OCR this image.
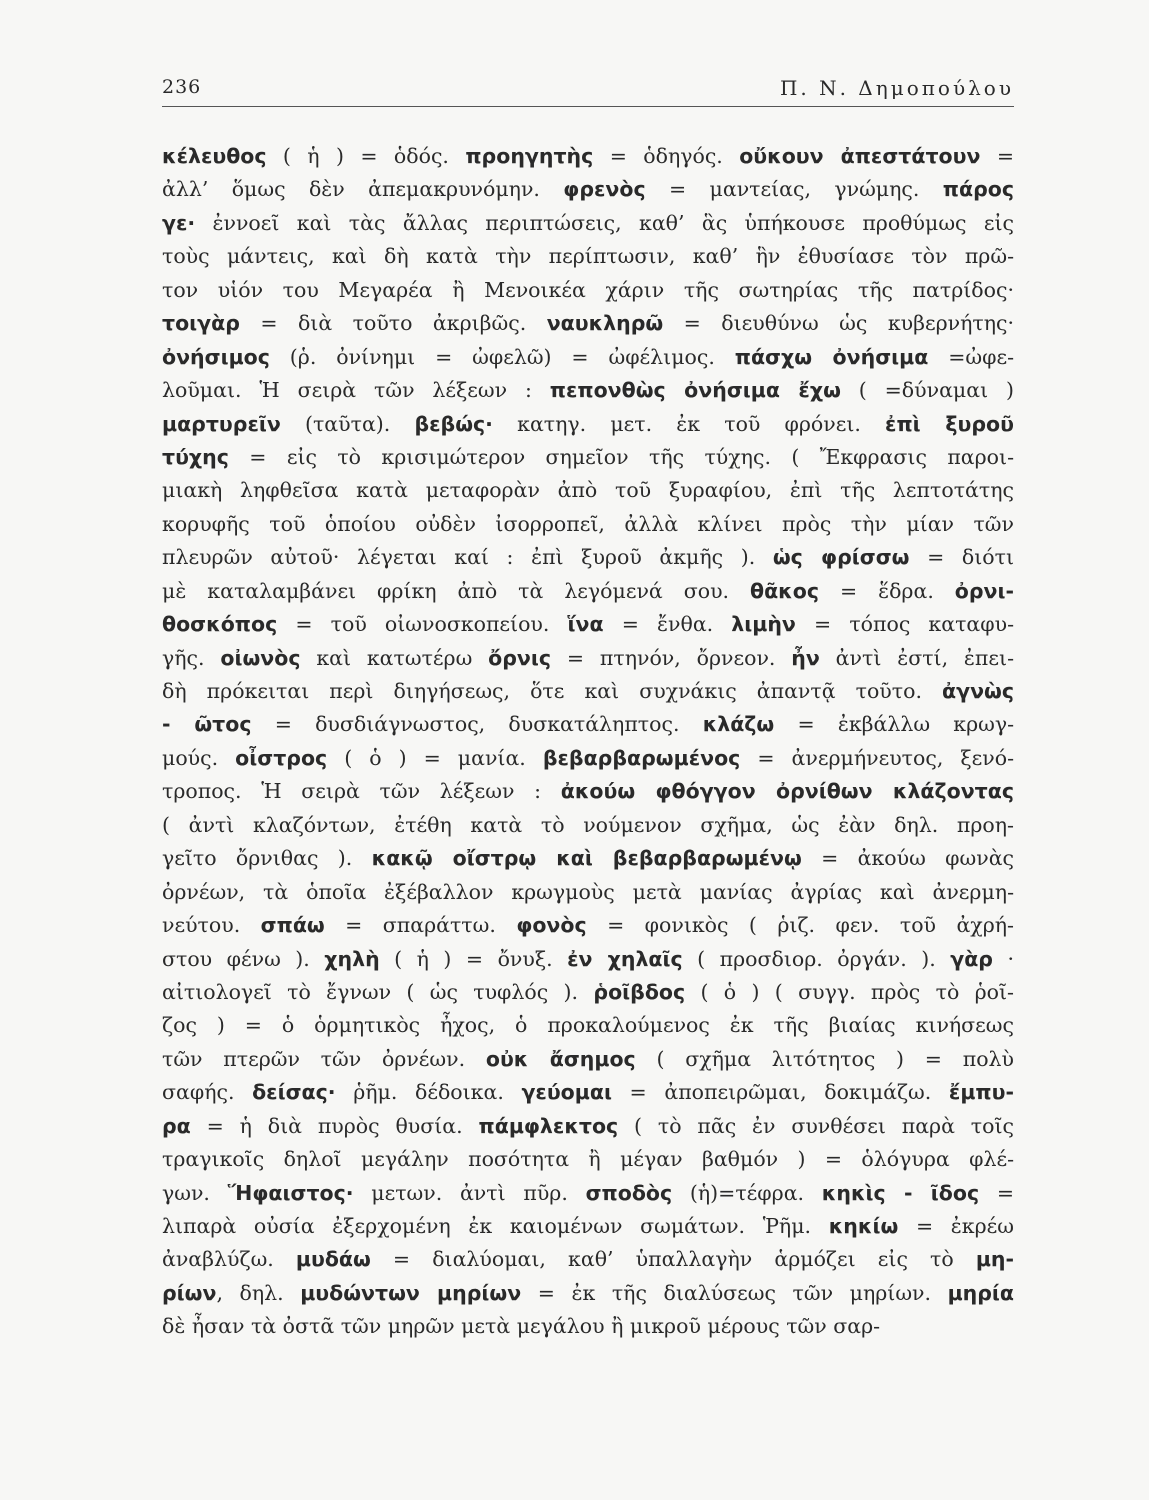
236	Π. Ν. Δημοπούλου
κέλευθος ( ἡ ) = ὁδός. προηγητὴς = ὁδηγός. οὔκουν ἀπεστάτουν =
ἀλλ’ ὅμως δὲν ἀπεμακρυνόμην. φρενὸς = μαντείας, γνώμης. πάρος
γε· ἐννοεῖ καὶ τὰς ἄλλας περιπτώσεις, καθ’ ἃς ὑπήκουσε προθύμως εἰς
τοὺς μάντεις, καὶ δὴ κατὰ τὴν περίπτωσιν, καθ’ ἣν ἐθυσίασε τὸν πρῶ-
τον υἱόν του Μεγαρέα ἢ Μενοικέα χάριν τῆς σωτηρίας τῆς πατρίδος·
τοιγὰρ = διὰ τοῦτο ἀκριβῶς. ναυκληρῶ = διευθύνω ὡς κυβερνήτης·
ὀνήσιμος (ῥ. ὀνίνημι = ὠφελῶ) = ὠφέλιμος. πάσχω ὀνήσιμα =ὠφε-
λοῦμαι. Ἡ σειρὰ τῶν λέξεων : πεπονθὼς ὀνήσιμα ἔχω ( =δύναμαι )
μαρτυρεῖν (ταῦτα). βεβώς· κατηγ. μετ. ἐκ τοῦ φρόνει. ἐπὶ ξυροῦ
τύχης = εἰς τὸ κρισιμώτερον σημεῖον τῆς τύχης. ( Ἔκφρασις παροι-
μιακὴ ληφθεῖσα κατὰ μεταφορὰν ἀπὸ τοῦ ξυραφίου, ἐπὶ τῆς λεπτοτάτης
κορυφῆς τοῦ ὁποίου οὐδὲν ἰσορροπεῖ, ἀλλὰ κλίνει πρὸς τὴν μίαν τῶν
πλευρῶν αὐτοῦ· λέγεται καί : ἐπὶ ξυροῦ ἀκμῆς ). ὡς φρίσσω = διότι
μὲ καταλαμβάνει φρίκη ἀπὸ τὰ λεγόμενά σου. θᾶκος = ἕδρα. ὀρνι-
θοσκόπος = τοῦ οἰωνοσκοπείου. ἵνα = ἔνθα. λιμὴν = τόπος καταφυ-
γῆς. οἰωνὸς καὶ κατωτέρω ὄρνις = πτηνόν, ὄρνεον. ἦν ἀντὶ ἐστί, ἐπει-
δὴ πρόκειται περὶ διηγήσεως, ὅτε καὶ συχνάκις ἀπαντᾷ τοῦτο. ἀγνὼς
- ῶτος = δυσδιάγνωστος, δυσκατάληπτος. κλάζω = ἐκβάλλω κρωγ-
μούς. οἶστρος ( ὁ ) = μανία. βεβαρβαρωμένος = ἀνερμήνευτος, ξενό-
τροπος. Ἡ σειρὰ τῶν λέξεων : ἀκούω φθόγγον ὀρνίθων κλάζοντας
( ἀντὶ κλαζόντων, ἐτέθη κατὰ τὸ νούμενον σχῆμα, ὡς ἐὰν δηλ. προη-
γεῖτο ὄρνιθας ). κακῷ οἴστρῳ καὶ βεβαρβαρωμένῳ = ἀκούω φωνὰς
ὀρνέων, τὰ ὁποῖα ἐξέβαλλον κρωγμοὺς μετὰ μανίας ἀγρίας καὶ ἀνερμη-
νεύτου. σπάω = σπαράττω. φονὸς = φονικὸς ( ῥιζ. φεν. τοῦ ἀχρή-
στου φένω ). χηλὴ ( ἡ ) = ὄνυξ. ἐν χηλαῖς ( προσδιορ. ὀργάν. ). γὰρ ·
αἰτιολογεῖ τὸ ἔγνων ( ὡς τυφλός ). ῥοῖβδος ( ὁ ) ( συγγ. πρὸς τὸ ῥοῖ-
ζος ) = ὁ ὁρμητικὸς ἦχος, ὁ προκαλούμενος ἐκ τῆς βιαίας κινήσεως
τῶν πτερῶν τῶν ὀρνέων. οὐκ ἄσημος ( σχῆμα λιτότητος ) = πολὺ
σαφής. δείσας· ῥῆμ. δέδοικα. γεύομαι = ἀποπειρῶμαι, δοκιμάζω. ἔμπυ-
ρα = ἡ διὰ πυρὸς θυσία. πάμφλεκτος ( τὸ πᾶς ἐν συνθέσει παρὰ τοῖς
τραγικοῖς δηλοῖ μεγάλην ποσότητα ἢ μέγαν βαθμόν ) = ὁλόγυρα φλέ-
γων. Ἥφαιστος· μετων. ἀντὶ πῦρ. σποδὸς (ἡ)=τέφρα. κηκὶς - ῖδος =
λιπαρὰ οὐσία ἐξερχομένη ἐκ καιομένων σωμάτων. Ῥῆμ. κηκίω = ἐκρέω
ἀναβλύζω. μυδάω = διαλύομαι, καθ’ ὑπαλλαγὴν ἁρμόζει εἰς τὸ μη-
ρίων, δηλ. μυδώντων μηρίων = ἐκ τῆς διαλύσεως τῶν μηρίων. μηρία
δὲ ἦσαν τὰ ὀστᾶ τῶν μηρῶν μετὰ μεγάλου ἢ μικροῦ μέρους τῶν σαρ-
